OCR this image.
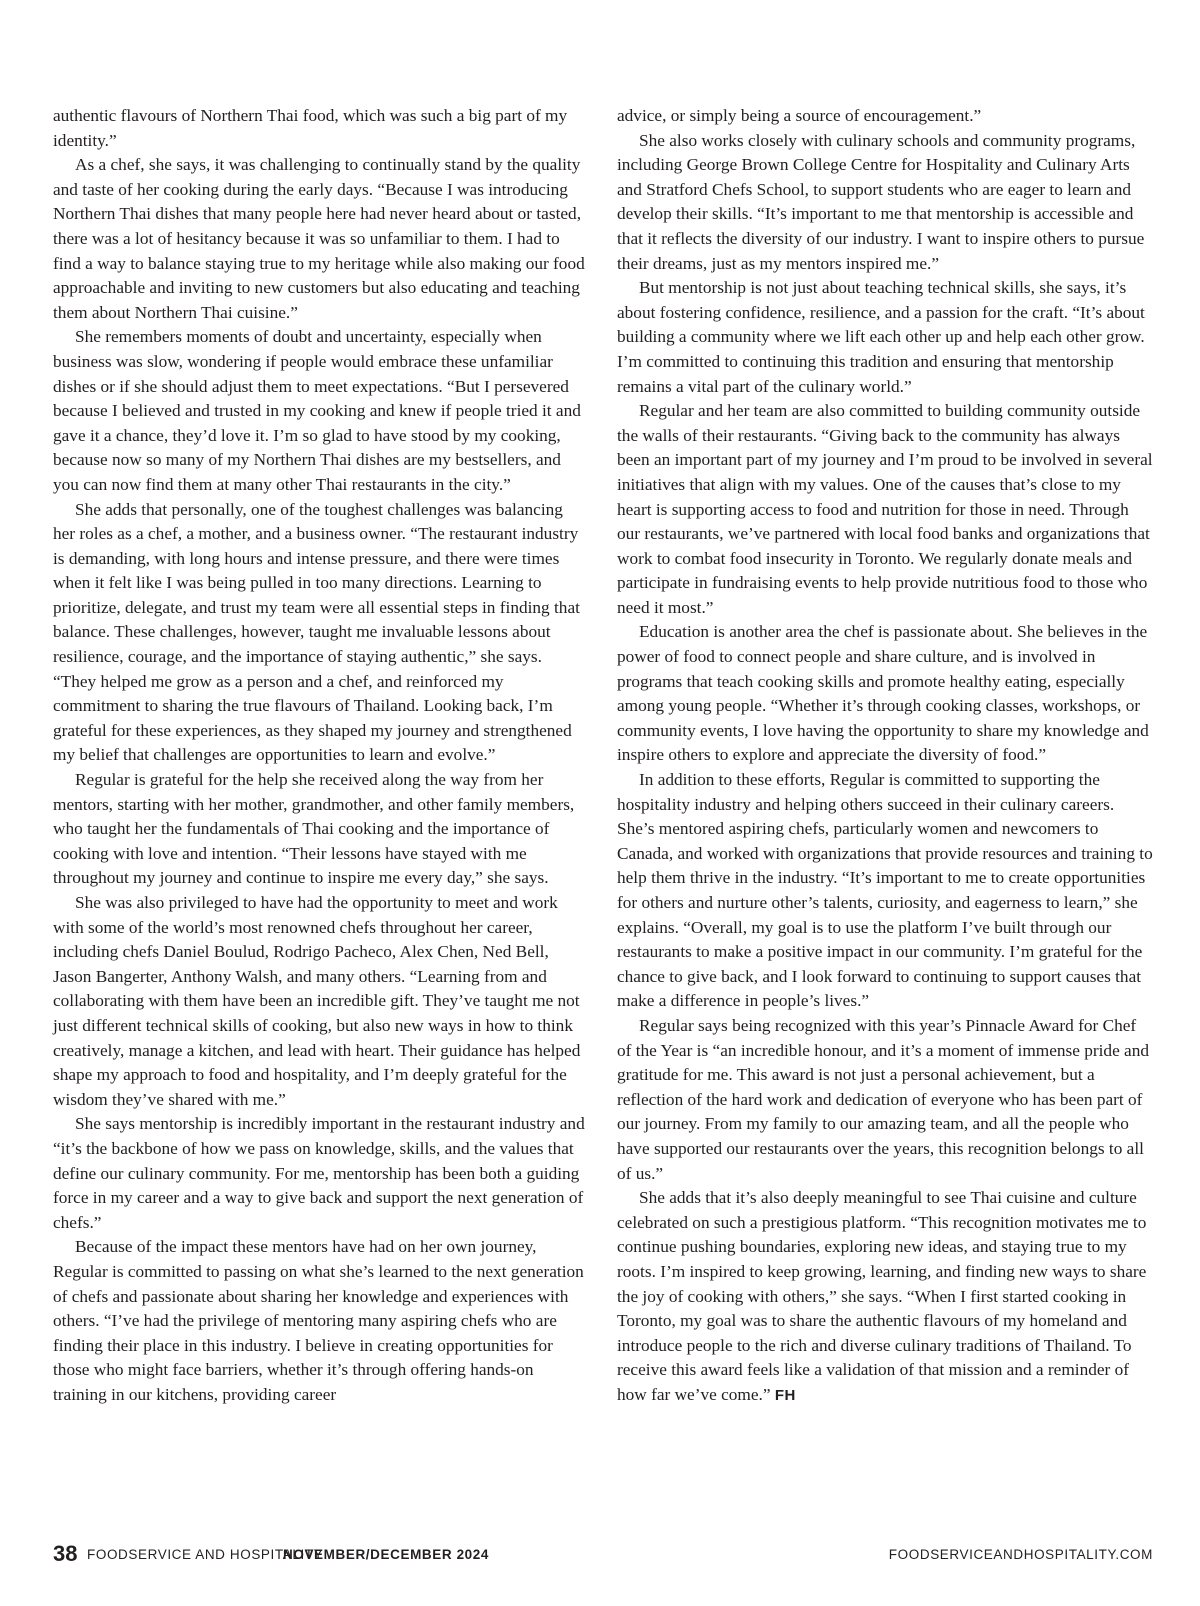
authentic flavours of Northern Thai food, which was such a big part of my identity.”

As a chef, she says, it was challenging to continually stand by the quality and taste of her cooking during the early days. “Because I was introducing Northern Thai dishes that many people here had never heard about or tasted, there was a lot of hesitancy because it was so unfamiliar to them. I had to find a way to balance staying true to my heritage while also making our food approachable and inviting to new customers but also educating and teaching them about Northern Thai cuisine.”

She remembers moments of doubt and uncertainty, especially when business was slow, wondering if people would embrace these unfamiliar dishes or if she should adjust them to meet expectations. “But I persevered because I believed and trusted in my cooking and knew if people tried it and gave it a chance, they’d love it. I’m so glad to have stood by my cooking, because now so many of my Northern Thai dishes are my bestsellers, and you can now find them at many other Thai restaurants in the city.”

She adds that personally, one of the toughest challenges was balancing her roles as a chef, a mother, and a business owner. “The restaurant industry is demanding, with long hours and intense pressure, and there were times when it felt like I was being pulled in too many directions. Learning to prioritize, delegate, and trust my team were all essential steps in finding that balance. These challenges, however, taught me invaluable lessons about resilience, courage, and the importance of staying authentic,” she says. “They helped me grow as a person and a chef, and reinforced my commitment to sharing the true flavours of Thailand. Looking back, I’m grateful for these experiences, as they shaped my journey and strengthened my belief that challenges are opportunities to learn and evolve.”

Regular is grateful for the help she received along the way from her mentors, starting with her mother, grandmother, and other family members, who taught her the fundamentals of Thai cooking and the importance of cooking with love and intention. “Their lessons have stayed with me throughout my journey and continue to inspire me every day,” she says.

She was also privileged to have had the opportunity to meet and work with some of the world’s most renowned chefs throughout her career, including chefs Daniel Boulud, Rodrigo Pacheco, Alex Chen, Ned Bell, Jason Bangerter, Anthony Walsh, and many others. “Learning from and collaborating with them have been an incredible gift. They’ve taught me not just different technical skills of cooking, but also new ways in how to think creatively, manage a kitchen, and lead with heart. Their guidance has helped shape my approach to food and hospitality, and I’m deeply grateful for the wisdom they’ve shared with me.”

She says mentorship is incredibly important in the restaurant industry and “it’s the backbone of how we pass on knowledge, skills, and the values that define our culinary community. For me, mentorship has been both a guiding force in my career and a way to give back and support the next generation of chefs.”

Because of the impact these mentors have had on her own journey, Regular is committed to passing on what she’s learned to the next generation of chefs and passionate about sharing her knowledge and experiences with others. “I’ve had the privilege of mentoring many aspiring chefs who are finding their place in this industry. I believe in creating opportunities for those who might face barriers, whether it’s through offering hands-on training in our kitchens, providing career

advice, or simply being a source of encouragement.”

She also works closely with culinary schools and community programs, including George Brown College Centre for Hospitality and Culinary Arts and Stratford Chefs School, to support students who are eager to learn and develop their skills. “It’s important to me that mentorship is accessible and that it reflects the diversity of our industry. I want to inspire others to pursue their dreams, just as my mentors inspired me.”

But mentorship is not just about teaching technical skills, she says, it’s about fostering confidence, resilience, and a passion for the craft. “It’s about building a community where we lift each other up and help each other grow. I’m committed to continuing this tradition and ensuring that mentorship remains a vital part of the culinary world.”

Regular and her team are also committed to building community outside the walls of their restaurants. “Giving back to the community has always been an important part of my journey and I’m proud to be involved in several initiatives that align with my values. One of the causes that’s close to my heart is supporting access to food and nutrition for those in need. Through our restaurants, we’ve partnered with local food banks and organizations that work to combat food insecurity in Toronto. We regularly donate meals and participate in fundraising events to help provide nutritious food to those who need it most.”

Education is another area the chef is passionate about. She believes in the power of food to connect people and share culture, and is involved in programs that teach cooking skills and promote healthy eating, especially among young people. “Whether it’s through cooking classes, workshops, or community events, I love having the opportunity to share my knowledge and inspire others to explore and appreciate the diversity of food.”

In addition to these efforts, Regular is committed to supporting the hospitality industry and helping others succeed in their culinary careers. She’s mentored aspiring chefs, particularly women and newcomers to Canada, and worked with organizations that provide resources and training to help them thrive in the industry. “It’s important to me to create opportunities for others and nurture other’s talents, curiosity, and eagerness to learn,” she explains. “Overall, my goal is to use the platform I’ve built through our restaurants to make a positive impact in our community. I’m grateful for the chance to give back, and I look forward to continuing to support causes that make a difference in people’s lives.”

Regular says being recognized with this year’s Pinnacle Award for Chef of the Year is “an incredible honour, and it’s a moment of immense pride and gratitude for me. This award is not just a personal achievement, but a reflection of the hard work and dedication of everyone who has been part of our journey. From my family to our amazing team, and all the people who have supported our restaurants over the years, this recognition belongs to all of us.”

She adds that it’s also deeply meaningful to see Thai cuisine and culture celebrated on such a prestigious platform. “This recognition motivates me to continue pushing boundaries, exploring new ideas, and staying true to my roots. I’m inspired to keep growing, learning, and finding new ways to share the joy of cooking with others,” she says. “When I first started cooking in Toronto, my goal was to share the authentic flavours of my homeland and introduce people to the rich and diverse culinary traditions of Thailand. To receive this award feels like a validation of that mission and a reminder of how far we’ve come.” FH

38 FOODSERVICE AND HOSPITALITY
NOVEMBER/DECEMBER 2024	FOODSERVICEANDHOSPITALITY.COM
